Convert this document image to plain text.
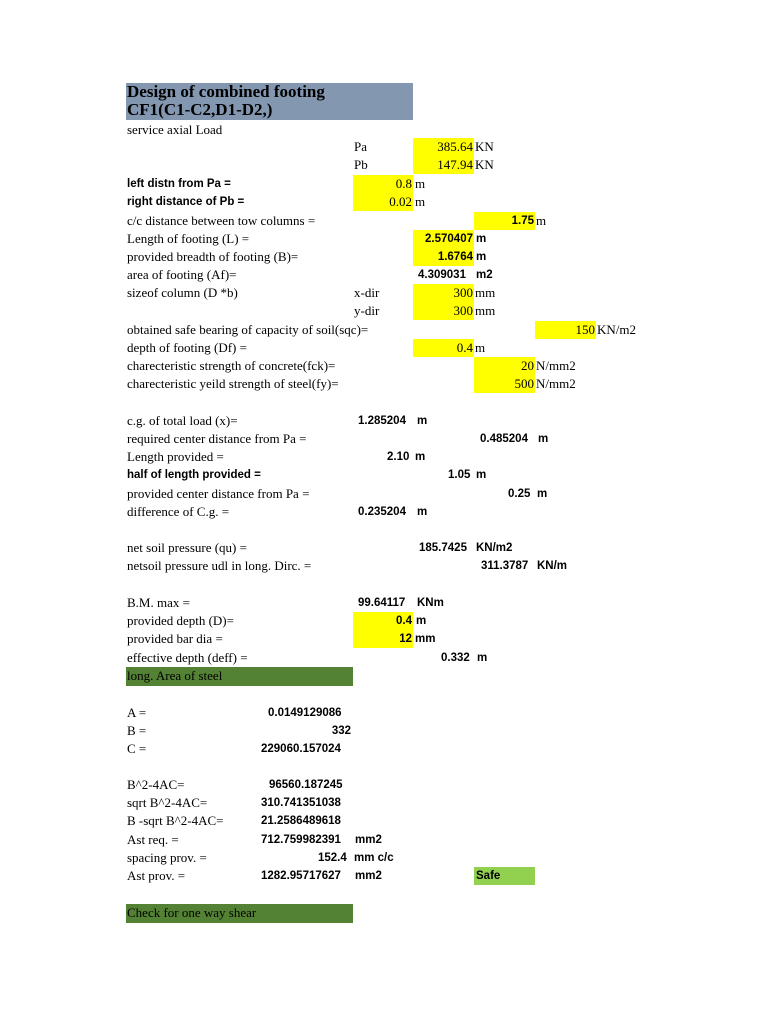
Design of combined footing
CF1(C1-C2,D1-D2,)
service axial Load
Pa	385.64 KN
Pb	147.94 KN
left distn from Pa =	0.8 m
right distance of Pb =	0.02 m
c/c distance between tow columns =	1.75 m
Length of footing (L) =	2.570407 m
provided breadth of footing (B)=	1.6764 m
area of footing (Af)=	4.309031 m2
sizeof column (D *b)	x-dir	300 mm
y-dir	300 mm
obtained safe bearing of capacity of soil(sqc)=	150 KN/m2
depth of footing (Df) =	0.4 m
charecteristic strength of concrete(fck)=	20 N/mm2
charecteristic yeild strength of steel(fy)=	500 N/mm2
c.g. of total load (x)=	1.285204 m
required center distance from Pa =	0.485204 m
Length provided =	2.10 m
half of length provided =	1.05 m
provided center distance from Pa =	0.25 m
difference of C.g. =	0.235204 m
net soil pressure (qu) =	185.7425 KN/m2
netsoil pressure udl in long. Dirc. =	311.3787 KN/m
B.M. max =	99.64117 KNm
provided depth (D)=	0.4 m
provided bar dia =	12 mm
effective depth (deff) =	0.332 m
long. Area of steel
A =	0.0149129086
B =	332
C =	229060.157024
B^2-4AC=	96560.187245
sqrt B^2-4AC=	310.741351038
B -sqrt B^2-4AC=	21.2586489618
Ast req. =	712.759982391 mm2
spacing prov. =	152.4 mm c/c
Ast prov. =	1282.95717627 mm2	Safe
Check for one way shear
